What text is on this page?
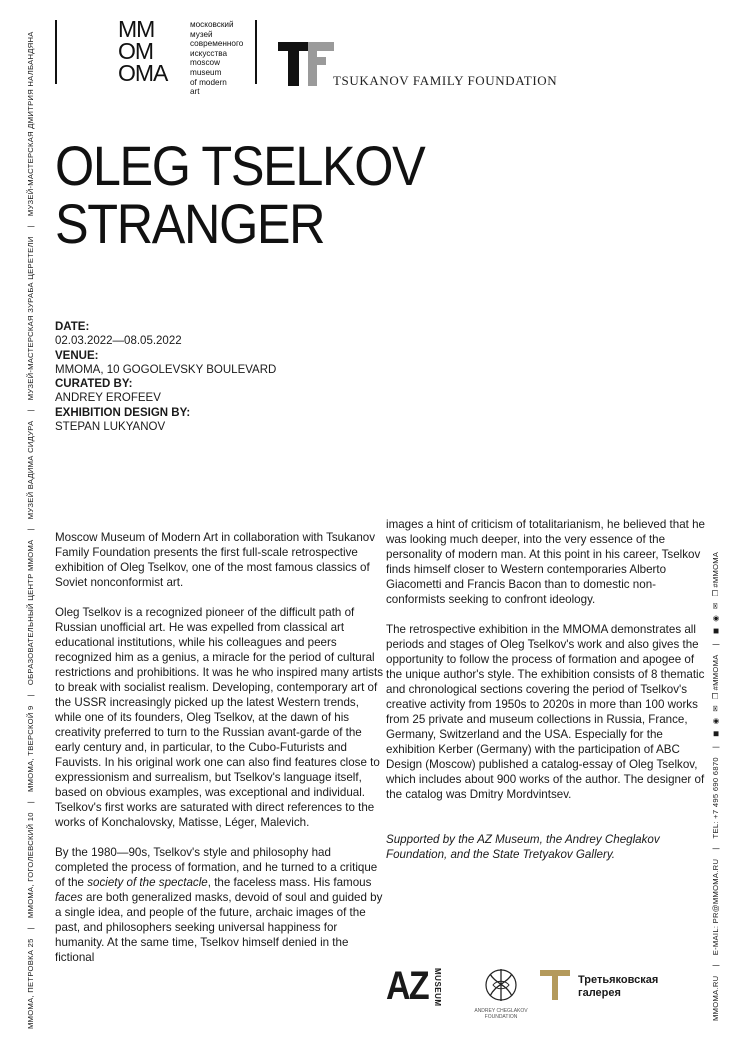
ММОМА, ПЕТРОВКА 25|ММОМА, ГОГОЛЕВСКИЙ 10|ММОМА, ТВЕРСКОЙ 9|ОБРАЗОВАТЕЛЬНЫЙ ЦЕНТР ММОМА|МУЗЕЙ ВАДИМА СИДУРА|МУЗЕЙ-МАСТЕРСКАЯ ЗУРАБА ЦЕРЕТЕЛИ|МУЗЕЙ-МАСТЕРСКАЯ ДМИТРИЯ НАЛБАНДЯНА
MMOMA.RU|E-MAIL: PR@MMOMA.RU|TEL: +7 495 690 6870|◼ ◉ ✉ ❐#MMOMA|◼ ◉ ✉ ❐#MMOMA
MM
OM
OMA
московский
музей
современного
искусства
moscow
museum
of modern
art
TSUKANOV FAMILY FOUNDATION
OLEG TSELKOV
STRANGER
DATE:
02.03.2022—08.05.2022
VENUE:
MMOMA, 10 GOGOLEVSKY BOULEVARD
CURATED BY:
ANDREY EROFEEV
EXHIBITION DESIGN BY:
STEPAN LUKYANOV

Moscow Museum of Modern Art in collaboration with Tsukanov Family Foundation presents the first full-scale retrospective exhibition of Oleg Tselkov, one of the most famous classics of Soviet nonconformist art.

Oleg Tselkov is a recognized pioneer of the difficult path of Russian unofficial art. He was expelled from classical art educational institutions, while his colleagues and peers recognized him as a genius, a miracle for the period of cultural restrictions and prohibitions. It was he who inspired many artists to break with socialist realism. Developing, contemporary art of the USSR increasingly picked up the latest Western trends, while one of its founders, Oleg Tselkov, at the dawn of his creativity preferred to turn to the Russian avant-garde of the early century and, in particular, to the Cubo-Futurists and Fauvists. In his original work one can also find features close to expressionism and surrealism, but Tselkov's language itself, based on obvious examples, was exceptional and individual. Tselkov's first works are saturated with direct references to the works of Konchalovsky, Matisse, Léger, Malevich.

By the 1980—90s, Tselkov's style and philosophy had completed the process of formation, and he turned to a critique of the society of the spectacle, the faceless mass. His famous faces are both generalized masks, devoid of soul and guided by a single idea, and people of the future, archaic images of the past, and philosophers seeking universal happiness for humanity. At the same time, Tselkov himself denied in the fictional

images a hint of criticism of totalitarianism, he believed that he was looking much deeper, into the very essence of the personality of modern man. At this point in his career, Tselkov finds himself closer to Western contemporaries Alberto Giacometti and Francis Bacon than to domestic non-conformists seeking to confront ideology.

The retrospective exhibition in the MMOMA demonstrates all periods and stages of Oleg Tselkov's work and also gives the opportunity to follow the process of formation and apogee of the unique author's style. The exhibition consists of 8 thematic and chronological sections covering the period of Tselkov's creative activity from 1950s to 2020s in more than 100 works from 25 private and museum collections in Russia, France, Germany, Switzerland and the USA. Especially for the exhibition Kerber (Germany) with the participation of ABC Design (Moscow) published a catalog-essay of Oleg Tselkov, which includes about 900 works of the author. The designer of the catalog was Dmitry Mordvintsev.

Supported by the AZ Museum, the Andrey Cheglakov Foundation, and the State Tretyakov Gallery.

AZ MUSEUM
ANDREY CHEGLAKOV
FOUNDATION
Третьяковская
галерея
